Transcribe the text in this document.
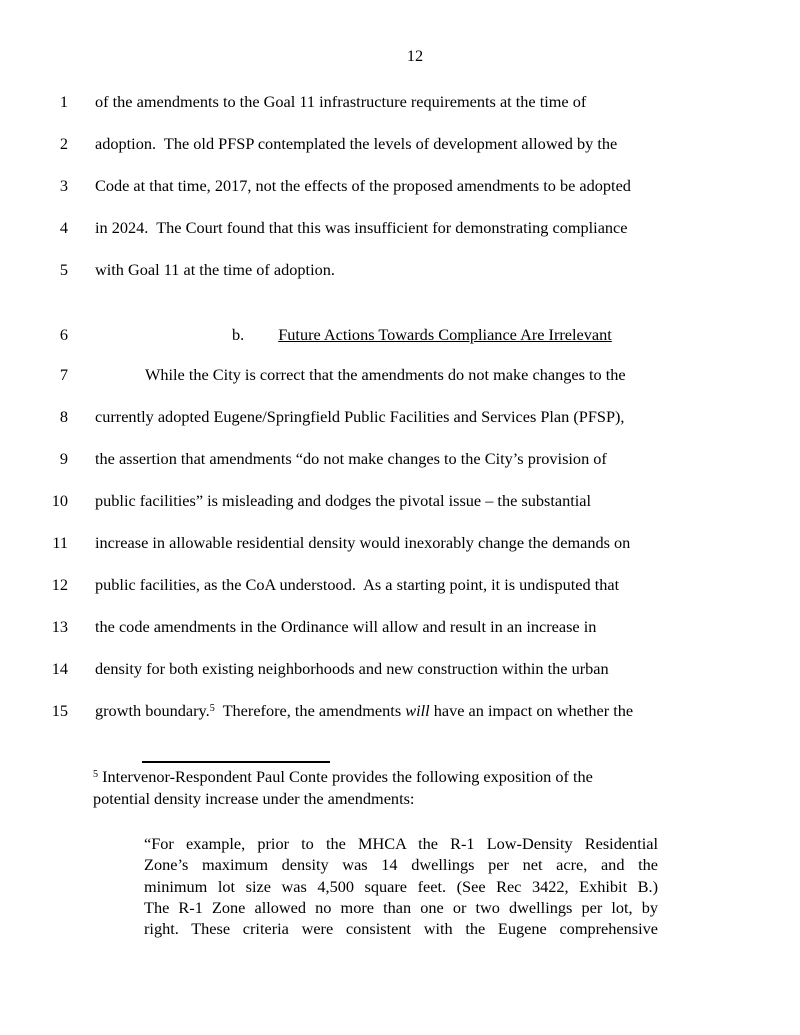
12
1 of the amendments to the Goal 11 infrastructure requirements at the time of
2 adoption.  The old PFSP contemplated the levels of development allowed by the
3 Code at that time, 2017, not the effects of the proposed amendments to be adopted
4 in 2024.  The Court found that this was insufficient for demonstrating compliance
5 with Goal 11 at the time of adoption.
6	b. Future Actions Towards Compliance Are Irrelevant
7	While the City is correct that the amendments do not make changes to the
8 currently adopted Eugene/Springfield Public Facilities and Services Plan (PFSP),
9 the assertion that amendments “do not make changes to the City’s provision of
10 public facilities” is misleading and dodges the pivotal issue – the substantial
11 increase in allowable residential density would inexorably change the demands on
12 public facilities, as the CoA understood.  As a starting point, it is undisputed that
13 the code amendments in the Ordinance will allow and result in an increase in
14 density for both existing neighborhoods and new construction within the urban
15 growth boundary.$^5$  Therefore, the amendments will have an impact on whether the
$^5$ Intervenor-Respondent Paul Conte provides the following exposition of the
potential density increase under the amendments:
“For example, prior to the MHCA the R-1 Low-Density Residential
Zone’s maximum density was 14 dwellings per net acre, and the
minimum lot size was 4,500 square feet. (See Rec 3422, Exhibit B.)
The R-1 Zone allowed no more than one or two dwellings per lot, by
right. These criteria were consistent with the Eugene comprehensive
